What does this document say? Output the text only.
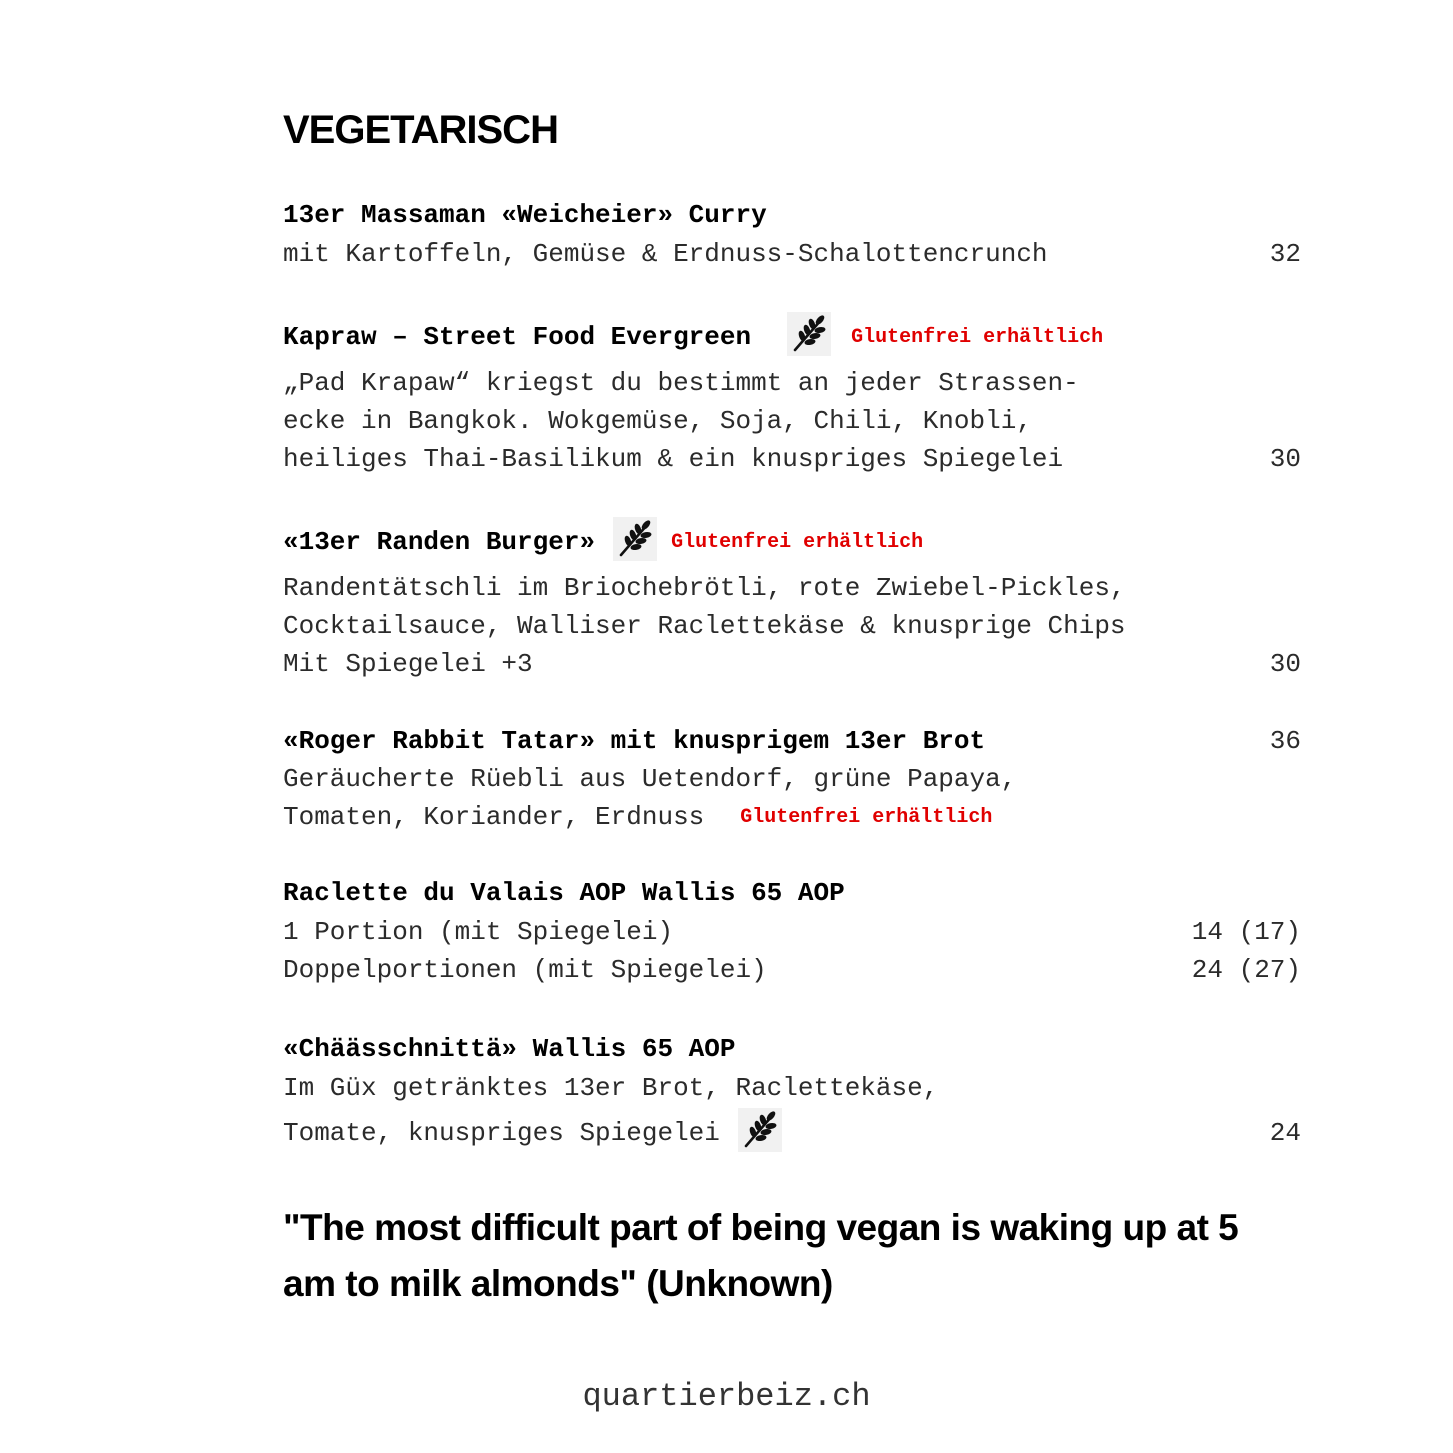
VEGETARISCH
13er Massaman «Weicheier» Curry
mit Kartoffeln, Gemüse & Erdnuss-Schalottencrunch	32
Kapraw – Street Food Evergreen	Glutenfrei erhältlich
„Pad Krapaw“ kriegst du bestimmt an jeder Strassen-
ecke in Bangkok. Wokgemüse, Soja, Chili, Knobli,
heiliges Thai-Basilikum & ein knuspriges Spiegelei	30
«13er Randen Burger»	Glutenfrei erhältlich
Randentätschli im Briochebrötli, rote Zwiebel-Pickles,
Cocktailsauce, Walliser Raclettekäse & knusprige Chips
Mit Spiegelei +3	30
«Roger Rabbit Tatar» mit knusprigem 13er Brot	36
Geräucherte Rüebli aus Uetendorf, grüne Papaya,
Tomaten, Koriander, Erdnuss Glutenfrei erhältlich
Raclette du Valais AOP Wallis 65 AOP
1 Portion (mit Spiegelei)	14 (17)
Doppelportionen (mit Spiegelei)	24 (27)
«Chäässchnittä» Wallis 65 AOP
Im Güx getränktes 13er Brot, Raclettekäse,
Tomate, knuspriges Spiegelei	24

"The most difficult part of being vegan is waking up at 5 am to milk almonds" (Unknown)

quartierbeiz.ch
